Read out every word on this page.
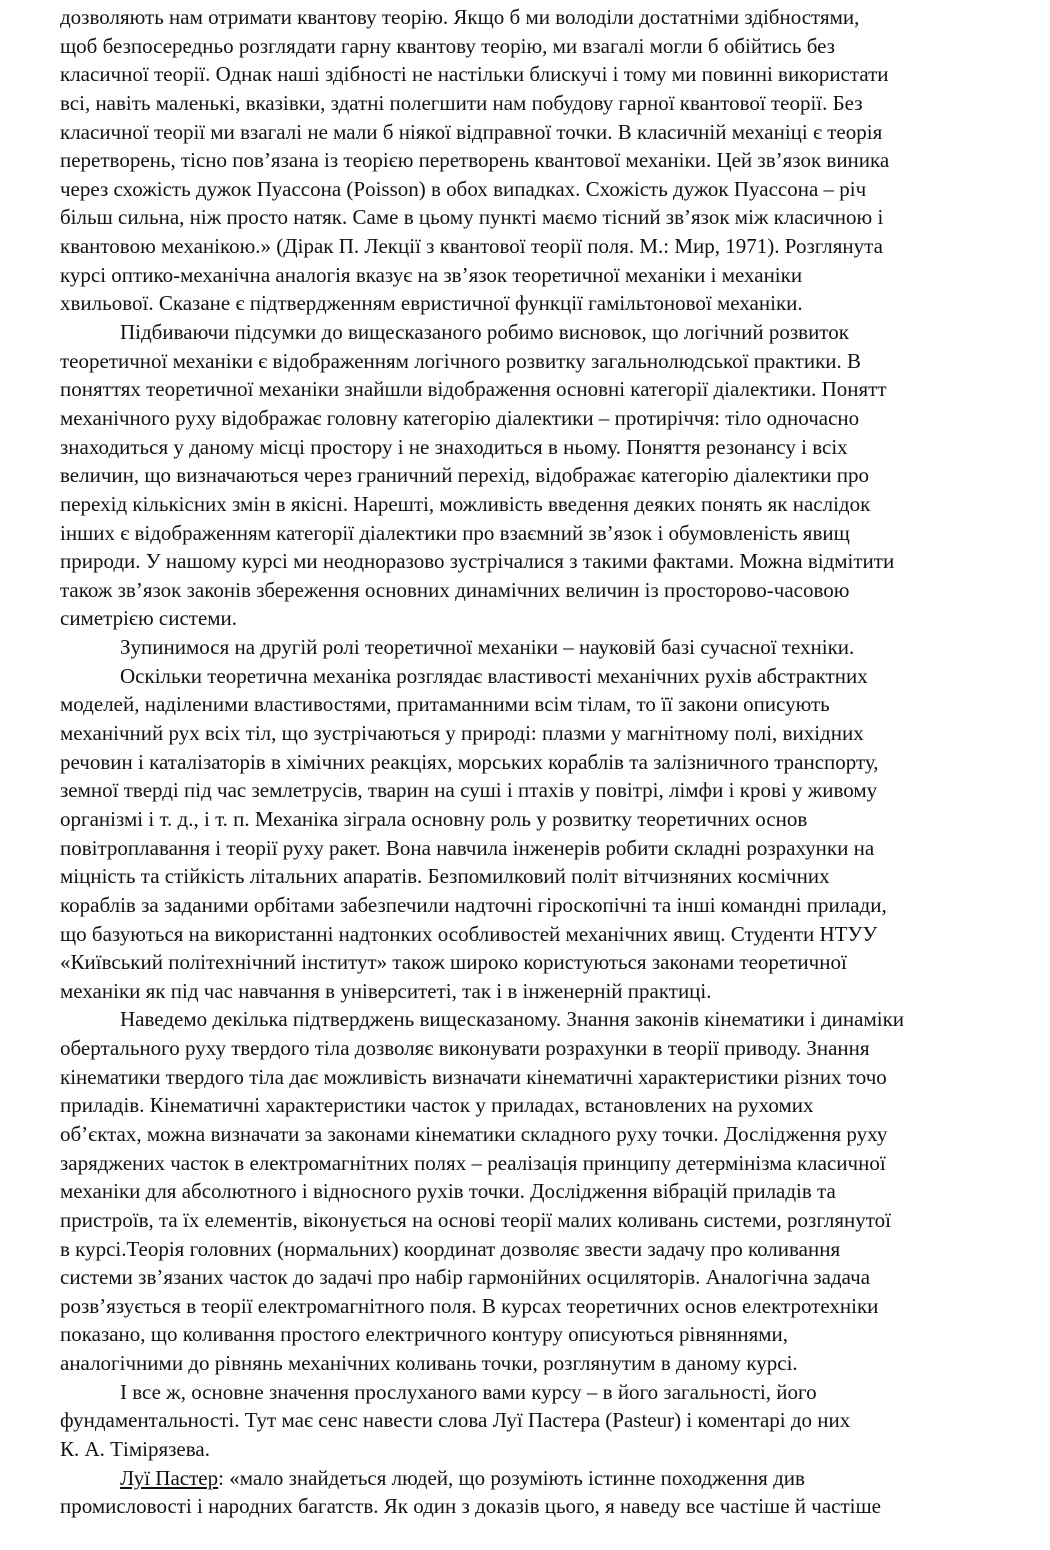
дозволяють нам отримати квантову теорію. Якщо б ми володіли достатніми здібностями,
щоб безпосередньо розглядати гарну квантову теорію, ми взагалі могли б обійтись без
класичної теорії. Однак наші здібності не настільки блискучі і тому ми повинні використати
всі, навіть маленькі, вказівки, здатні полегшити нам побудову гарної квантової теорії. Без
класичної теорії ми взагалі не мали б ніякої відправної точки. В класичній механіці є теорія
перетворень, тісно пов’язана із теорією перетворень квантової механіки. Цей зв’язок виника
через схожість дужок Пуассона (Poisson) в обох випадках. Схожість дужок Пуассона – річ
більш сильна, ніж просто натяк. Саме в цьому пункті маємо тісний зв’язок між класичною і
квантовою механікою.» (Дірак П. Лекції з квантової теорії поля. М.: Мир, 1971). Розглянута
курсі оптико-механічна аналогія вказує на зв’язок теоретичної механіки і механіки
хвильової. Сказане є підтвердженням евристичної функції гамільтонової механіки.
Підбиваючи підсумки до вищесказаного робимо висновок, що логічний розвиток
теоретичної механіки є відображенням логічного розвитку загальнолюдської практики. В
поняттях теоретичної механіки знайшли відображення основні категорії діалектики. Понятт
механічного руху відображає головну категорію діалектики – протиріччя: тіло одночасно
знаходиться у даному місці простору і не знаходиться в ньому. Поняття резонансу і всіх
величин, що визначаються через граничний перехід, відображає категорію діалектики про
перехід кількісних змін в якісні. Нарешті, можливість введення деяких понять як наслідок
інших є відображенням категорії діалектики про взаємний зв’язок і обумовленість явищ
природи. У нашому курсі ми неодноразово зустрічалися з такими фактами. Можна відмітити
також зв’язок законів збереження основних динамічних величин із просторово-часовою
симетрією системи.
Зупинимося на другій ролі теоретичної механіки – науковій базі сучасної техніки.
Оскільки теоретична механіка розглядає властивості механічних рухів абстрактних
моделей, наділеними властивостями, притаманними всім тілам, то її закони описують
механічний рух всіх тіл, що зустрічаються у природі: плазми у магнітному полі, вихідних
речовин і каталізаторів в хімічних реакціях, морських кораблів та залізничного транспорту,
земної тверді під час землетрусів, тварин на суші і птахів у повітрі, лімфи і крові у живому
організмі і т. д., і т. п. Механіка зіграла основну роль у розвитку теоретичних основ
повітроплавання і теорії руху ракет. Вона навчила інженерів робити складні розрахунки на
міцність та стійкість літальних апаратів. Безпомилковий політ вітчизняних космічних
кораблів за заданими орбітами забезпечили надточні гіроскопічні та інші командні прилади,
що базуються на використанні надтонких особливостей механічних явищ. Студенти НТУУ
«Київський політехнічний інститут» також широко користуються законами теоретичної
механіки як під час навчання в університеті, так і в інженерній практиці.
Наведемо декілька підтверджень вищесказаному. Знання законів кінематики і динаміки
обертального руху твердого тіла дозволяє виконувати розрахунки в теорії приводу. Знання
кінематики твердого тіла дає можливість визначати кінематичні характеристики різних точо
приладів. Кінематичні характеристики часток у приладах, встановлених на рухомих
об’єктах, можна визначати за законами кінематики складного руху точки. Дослідження руху
заряджених часток в електромагнітних полях – реалізація принципу детермінізма класичної
механіки для абсолютного і відносного рухів точки. Дослідження вібрацій приладів та
пристроїв, та їх елементів, віконується на основі теорії малих коливань системи, розглянутої
в курсі.Теорія головних (нормальних) координат дозволяє звести задачу про коливання
системи зв’язаних часток до задачі про набір гармонійних осциляторів. Аналогічна задача
розв’язується в теорії електромагнітного поля. В курсах теоретичних основ електротехніки
показано, що коливання простого електричного контуру описуються рівняннями,
аналогічними до рівнянь механічних коливань точки, розглянутим в даному курсі.
І все ж, основне значення прослуханого вами курсу – в його загальності, його
фундаментальності. Тут має сенс навести слова Луї Пастера (Pasteur) і коментарі до них
К. А. Тімірязева.
Луї Пастер: «мало знайдеться людей, що розуміють істинне походження див
промисловості і народних багатств. Як один з доказів цього, я наведу все частіше й частіше
